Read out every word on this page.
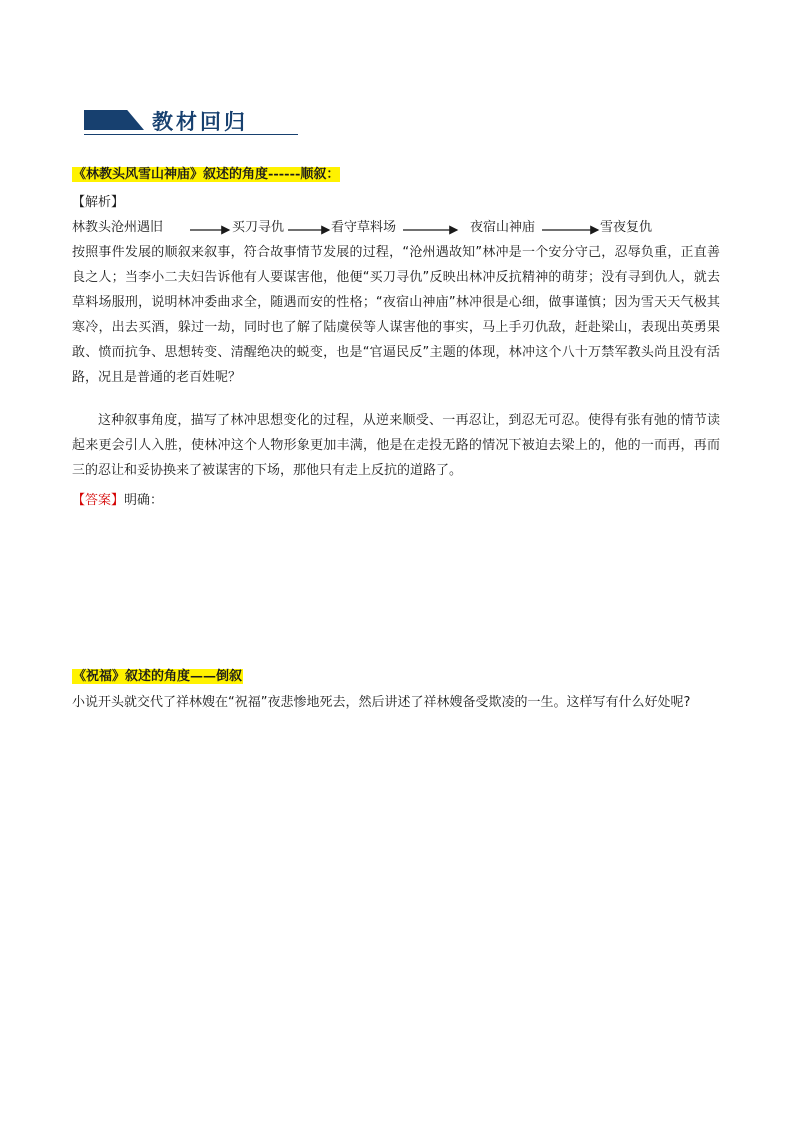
教材回归
《林教头风雪山神庙》叙述的角度------顺叙：
【解析】
林教头沧州遇旧	买刀寻仇	看守草料场	夜宿山神庙	雪夜复仇

按照事件发展的顺叙来叙事，符合故事情节发展的过程，“沧州遇故知”林冲是一个安分守己，忍辱负重，正直善良之人；当李小二夫妇告诉他有人要谋害他，他便“买刀寻仇”反映出林冲反抗精神的萌芽；没有寻到仇人，就去草料场服刑，说明林冲委曲求全，随遇而安的性格；“夜宿山神庙”林冲很是心细，做事谨慎；因为雪天天气极其寒冷，出去买酒，躲过一劫，同时也了解了陆虞侯等人谋害他的事实，马上手刃仇敌，赶赴梁山，表现出英勇果敢、愤而抗争、思想转变、清醒绝决的蜕变，也是“官逼民反”主题的体现，林冲这个八十万禁军教头尚且没有活路，况且是普通的老百姓呢？

这种叙事角度，描写了林冲思想变化的过程，从逆来顺受、一再忍让，到忍无可忍。使得有张有弛的情节读起来更会引人入胜，使林冲这个人物形象更加丰满，他是在走投无路的情况下被迫去梁上的，他的一而再，再而三的忍让和妥协换来了被谋害的下场，那他只有走上反抗的道路了。

【答案】明确：
《祝福》叙述的角度——倒叙

小说开头就交代了祥林嫂在“祝福”夜悲惨地死去，然后讲述了祥林嫂备受欺凌的一生。这样写有什么好处呢?
